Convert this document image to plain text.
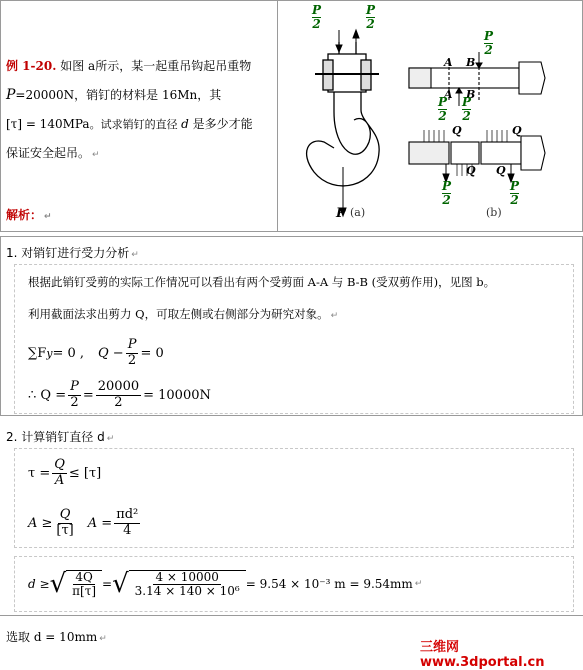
例 1-20. 如图 a所示，某一起重吊钩起吊重物
P=20000N，销钉的材料是 16Mn，其
[τ] = 140MPa。试求销钉的直径 d 是多少才能
保证安全起吊。 ↵
解析： ↵
P
2
P
2
P
2
A B
A B
P
2
P
2
Q	Q
Q Q
P
2
P
2
P (a)	(b)
1. 对销钉进行受力分析 ↵
根据此销钉受剪的实际工作情况可以看出有两个受剪面 A-A 与 B-B (受双剪作用)，见图 b。
利用截面法求出剪力 Q，可取左侧或右侧部分为研究对象。 ↵
∑F y = 0 , $Q - \frac{P}{2} = 0$
∴ $Q = \frac{P}{2} = \frac{20000}{2} = 10000N$
2. 计算销钉直径 d ↵
$\tau = \frac{Q}{A} \le [\tau]$
$A \ge \frac{Q}{[\tau]}$ $A = \frac{\text{πd²}}{4}$
d ≥ √ $\frac{4Q}{\pi[\tau]}$ = √ $\frac{4 \times 10000}{\text{3.14 × 140 × 10⁶}} = 9.54 \times 10^{-3}$ m = 9.54mm ↵
选取 d = 10mm ↵
三维网www.3dportal.cn
